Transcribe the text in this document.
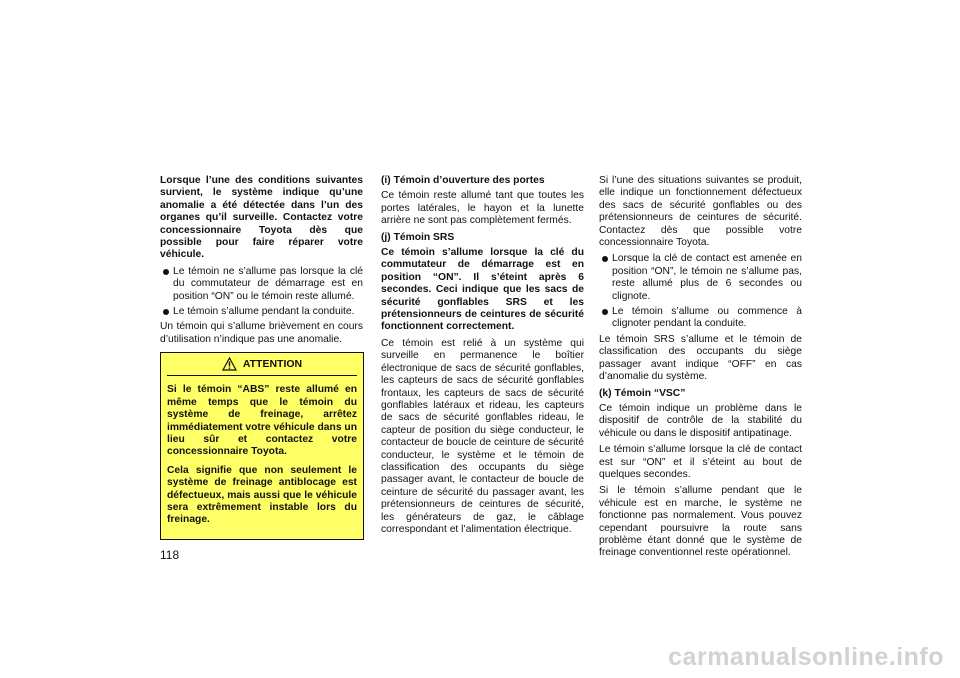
Lorsque l’une des conditions suivantes survient, le système indique qu’une anomalie a été détectée dans l’un des organes qu’il surveille. Contactez votre concessionnaire Toyota dès que possible pour faire réparer votre véhicule.

Le témoin ne s’allume pas lorsque la clé du commutateur de démarrage est en position “ON” ou le témoin reste allumé.
Le témoin s’allume pendant la conduite.

Un témoin qui s’allume brièvement en cours d’utilisation n’indique pas une anomalie.

ATTENTION

Si le témoin “ABS” reste allumé en même temps que le témoin du système de freinage, arrêtez immédiatement votre véhicule dans un lieu sûr et contactez votre concessionnaire Toyota.

Cela signifie que non seulement le système de freinage antiblocage est défectueux, mais aussi que le véhicule sera extrêmement instable lors du freinage.

(i) Témoin d’ouverture des portes

Ce témoin reste allumé tant que toutes les portes latérales, le hayon et la lunette arrière ne sont pas complètement fermés.

(j) Témoin SRS

Ce témoin s’allume lorsque la clé du commutateur de démarrage est en position “ON”. Il s’éteint après 6 secondes. Ceci indique que les sacs de sécurité gonflables SRS et les prétensionneurs de ceintures de sécurité fonctionnent correctement.

Ce témoin est relié à un système qui surveille en permanence le boîtier électronique de sacs de sécurité gonflables, les capteurs de sacs de sécurité gonflables frontaux, les capteurs de sacs de sécurité gonflables latéraux et rideau, les capteurs de sacs de sécurité gonflables rideau, le capteur de position du siège conducteur, le contacteur de boucle de ceinture de sécurité conducteur, le système et le témoin de classification des occupants du siège passager avant, le contacteur de boucle de ceinture de sécurité du passager avant, les prétensionneurs de ceintures de sécurité, les générateurs de gaz, le câblage correspondant et l’alimentation électrique.

Si l’une des situations suivantes se produit, elle indique un fonctionnement défectueux des sacs de sécurité gonflables ou des prétensionneurs de ceintures de sécurité. Contactez dès que possible votre concessionnaire Toyota.

Lorsque la clé de contact est amenée en position “ON”, le témoin ne s’allume pas, reste allumé plus de 6 secondes ou clignote.
Le témoin s’allume ou commence à clignoter pendant la conduite.

Le témoin SRS s’allume et le témoin de classification des occupants du siège passager avant indique “OFF” en cas d’anomalie du système.

(k) Témoin “VSC”

Ce témoin indique un problème dans le dispositif de contrôle de la stabilité du véhicule ou dans le dispositif antipatinage.

Le témoin s’allume lorsque la clé de contact est sur “ON” et il s’éteint au bout de quelques secondes.

Si le témoin s’allume pendant que le véhicule est en marche, le système ne fonctionne pas normalement. Vous pouvez cependant poursuivre la route sans problème étant donné que le système de freinage conventionnel reste opérationnel.

118
carmanualsonline.info
